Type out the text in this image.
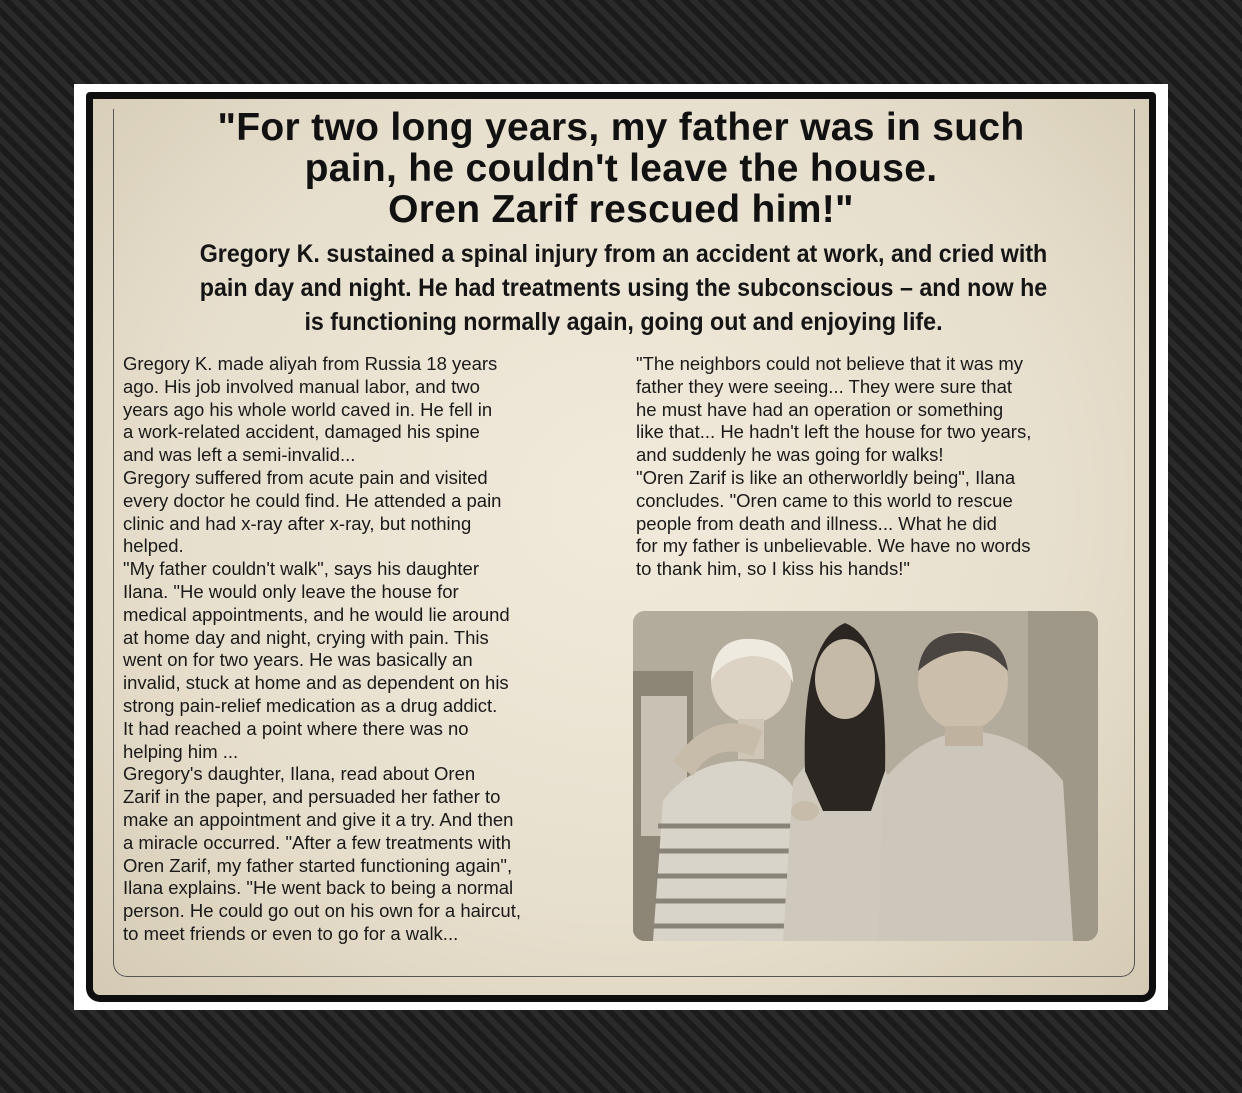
"For two long years, my father was in such
pain, he couldn't leave the house.
Oren Zarif rescued him!"
Gregory K. sustained a spinal injury from an accident at work, and cried with
pain day and night. He had treatments using the subconscious – and now he
is functioning normally again, going out and enjoying life.

Gregory K. made aliyah from Russia 18 years

ago. His job involved manual labor, and two

years ago his whole world caved in. He fell in

a work-related accident, damaged his spine

and was left a semi-invalid...

Gregory suffered from acute pain and visited

every doctor he could find. He attended a pain

clinic and had x-ray after x-ray, but nothing

helped.

"My father couldn't walk", says his daughter

Ilana. "He would only leave the house for

medical appointments, and he would lie around

at home day and night, crying with pain. This

went on for two years. He was basically an

invalid, stuck at home and as dependent on his

strong pain-relief medication as a drug addict.

It had reached a point where there was no

helping him ...

Gregory's daughter, Ilana, read about Oren

Zarif in the paper, and persuaded her father to

make an appointment and give it a try. And then

a miracle occurred. "After a few treatments with

Oren Zarif, my father started functioning again",

Ilana explains. "He went back to being a normal

person. He could go out on his own for a haircut,

to meet friends or even to go for a walk...

"The neighbors could not believe that it was my

father they were seeing... They were sure that

he must have had an operation or something

like that... He hadn't left the house for two years,

and suddenly he was going for walks!

"Oren Zarif is like an otherworldly being", Ilana

concludes. "Oren came to this world to rescue

people from death and illness... What he did

for my father is unbelievable. We have no words

to thank him, so I kiss his hands!"
